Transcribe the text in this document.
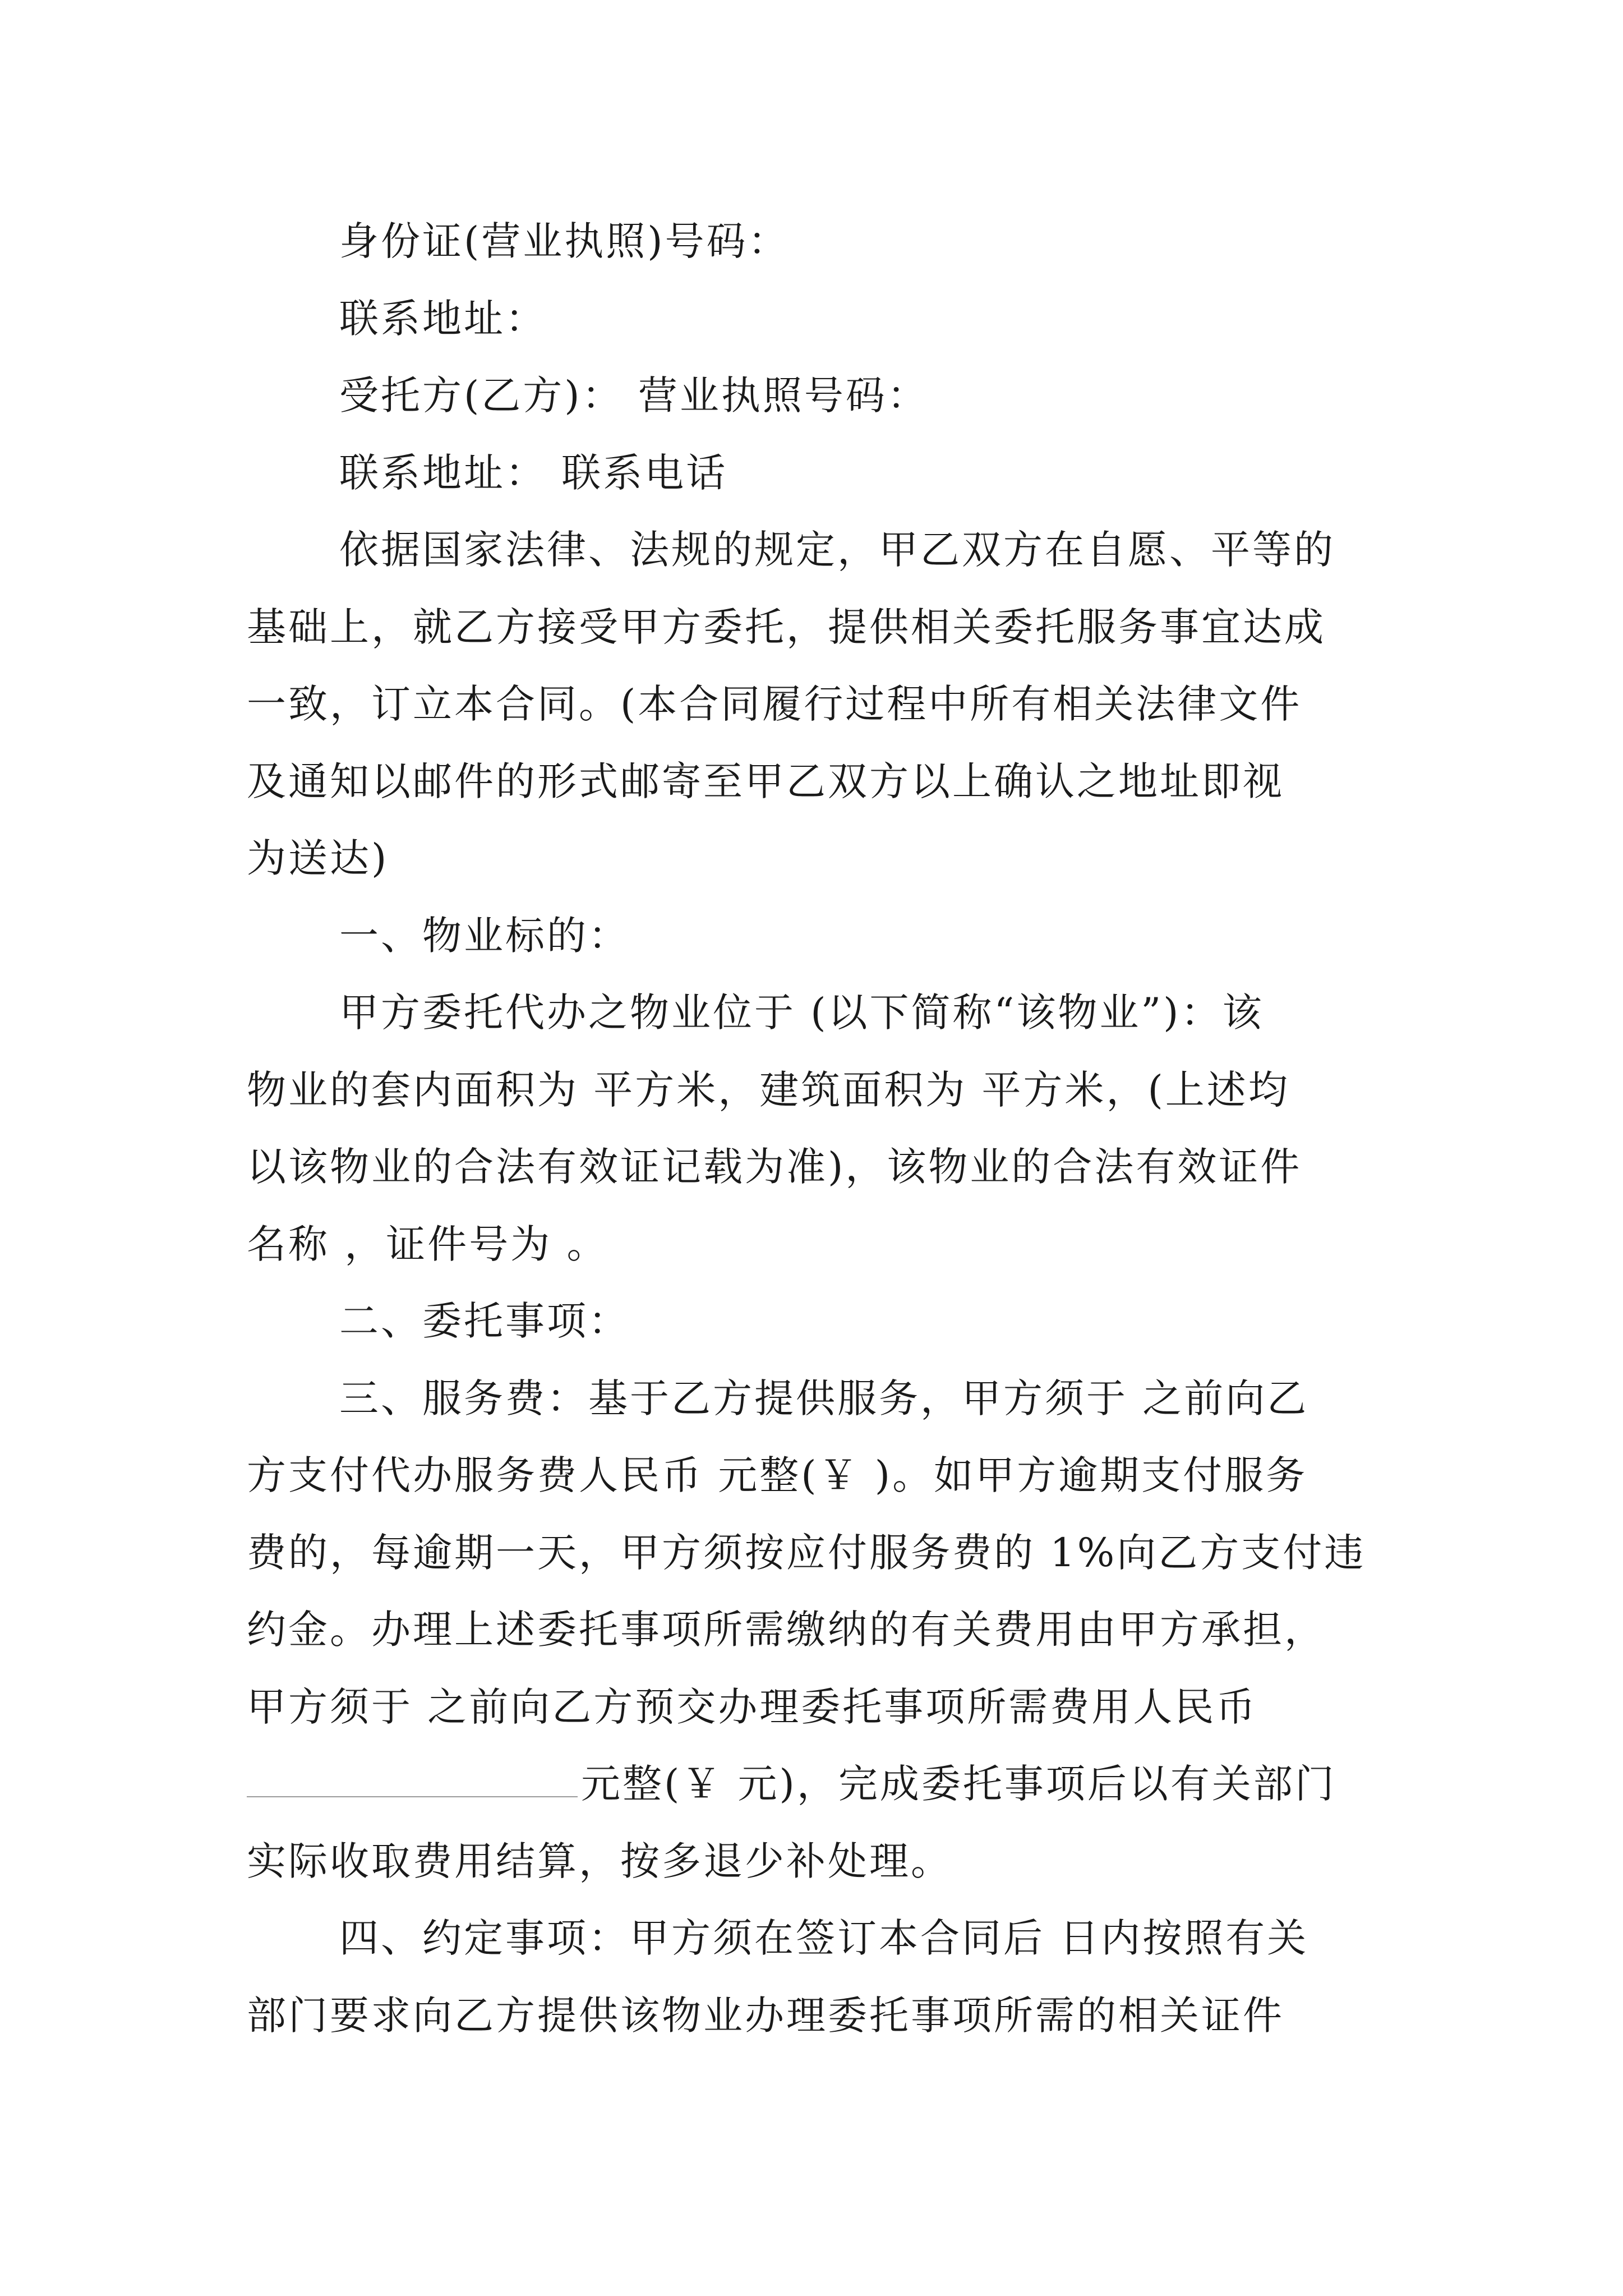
身份证(营业执照)号码：

联系地址：

受托方(乙方)： 营业执照号码：

联系地址： 联系电话

依据国家法律、法规的规定，甲乙双方在自愿、平等的

基础上，就乙方接受甲方委托，提供相关委托服务事宜达成

一致，订立本合同。(本合同履行过程中所有相关法律文件

及通知以邮件的形式邮寄至甲乙双方以上确认之地址即视

为送达)

一、物业标的：

甲方委托代办之物业位于 (以下简称“该物业”)：该

物业的套内面积为 平方米，建筑面积为 平方米，(上述均

以该物业的合法有效证记载为准)，该物业的合法有效证件

名称 ，证件号为 。

二、委托事项：

三、服务费：基于乙方提供服务，甲方须于 之前向乙

方支付代办服务费人民币 元整(￥ )。如甲方逾期支付服务

费的，每逾期一天，甲方须按应付服务费的 1%向乙方支付违

约金。办理上述委托事项所需缴纳的有关费用由甲方承担，

甲方须于 之前向乙方预交办理委托事项所需费用人民币

元整(￥ 元)，完成委托事项后以有关部门

实际收取费用结算，按多退少补处理。

四、约定事项：甲方须在签订本合同后 日内按照有关

部门要求向乙方提供该物业办理委托事项所需的相关证件
